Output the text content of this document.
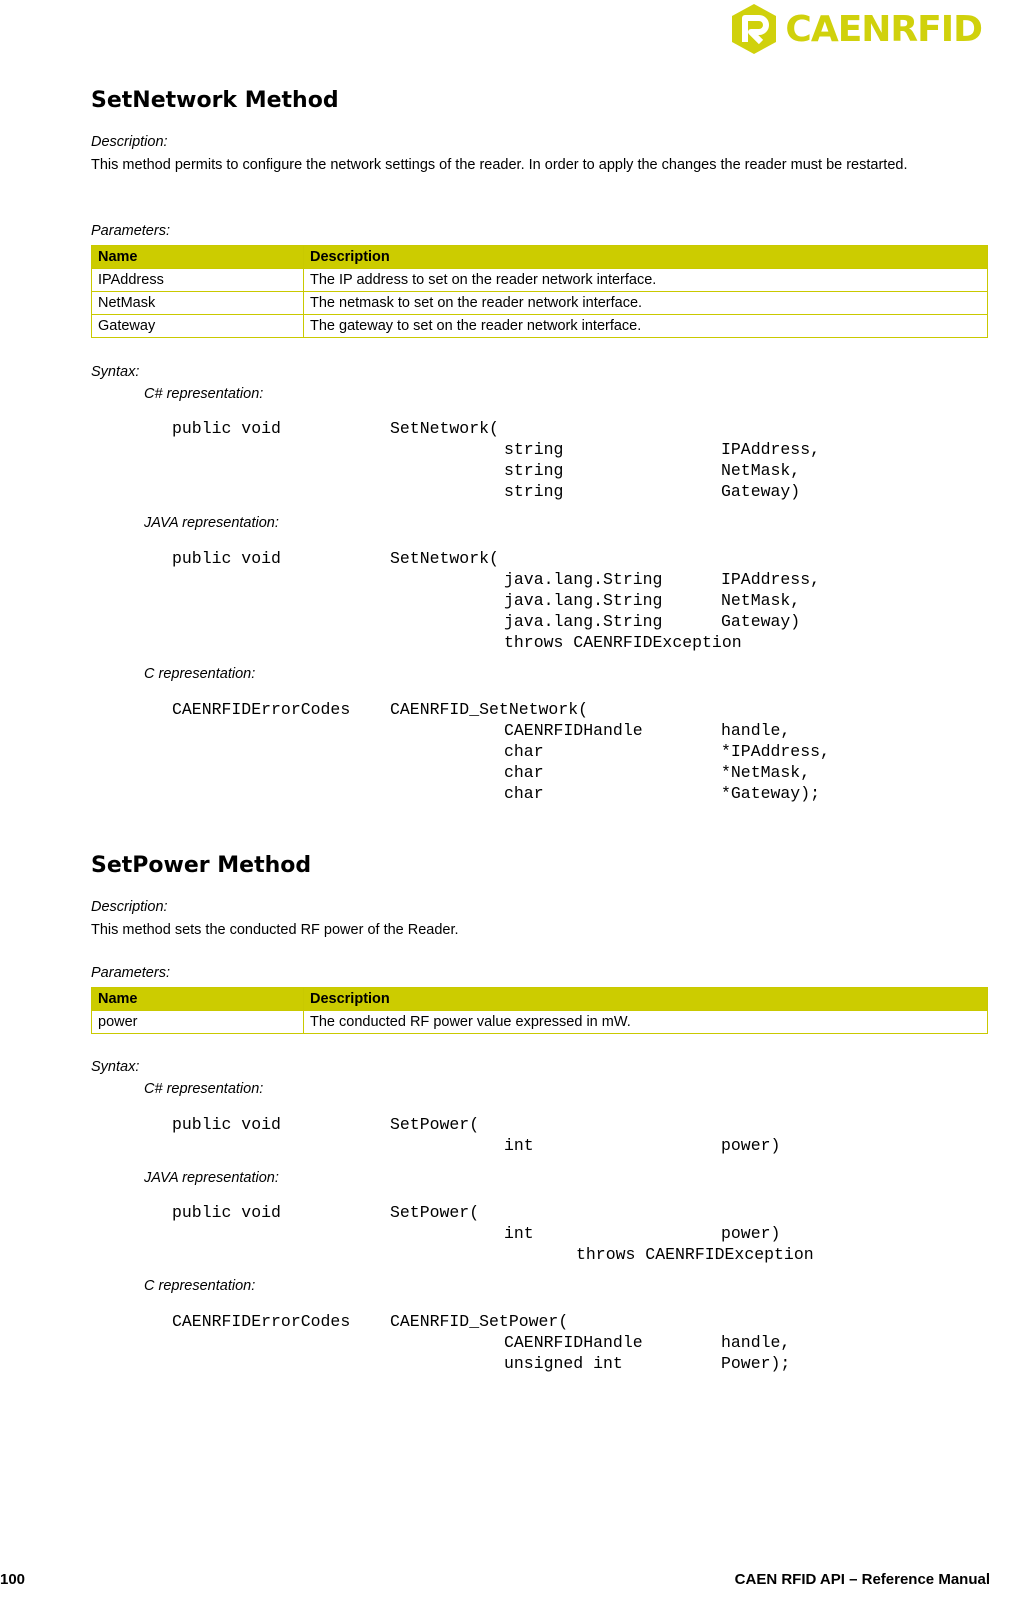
CAENRFID
SetNetwork Method
Description:
This method permits to configure the network settings of the reader. In order to apply the changes the reader must be restarted.
Parameters:
Name	Description
IPAddress	The IP address to set on the reader network interface.
NetMask	The netmask to set on the reader network interface.
Gateway	The gateway to set on the reader network interface.
Syntax:
C# representation:
public void	SetNetwork(
string	IPAddress,
string	NetMask,
string	Gateway)
JAVA representation:
public void	SetNetwork(
java.lang.String	IPAddress,
java.lang.String	NetMask,
java.lang.String	Gateway)
throws CAENRFIDException
C representation:
CAENRFIDErrorCodes CAENRFID_SetNetwork(
CAENRFIDHandle	handle,
char	*IPAddress,
char	*NetMask,
char	*Gateway);
SetPower Method
Description:
This method sets the conducted RF power of the Reader.
Parameters:
Name	Description
power	The conducted RF power value expressed in mW.
Syntax:
C# representation:
public void	SetPower(
int	power)
JAVA representation:
public void	SetPower(
int	power)
throws CAENRFIDException
C representation:
CAENRFIDErrorCodes CAENRFID_SetPower(
CAENRFIDHandle	handle,
unsigned int	Power);
100	CAEN RFID API – Reference Manual
